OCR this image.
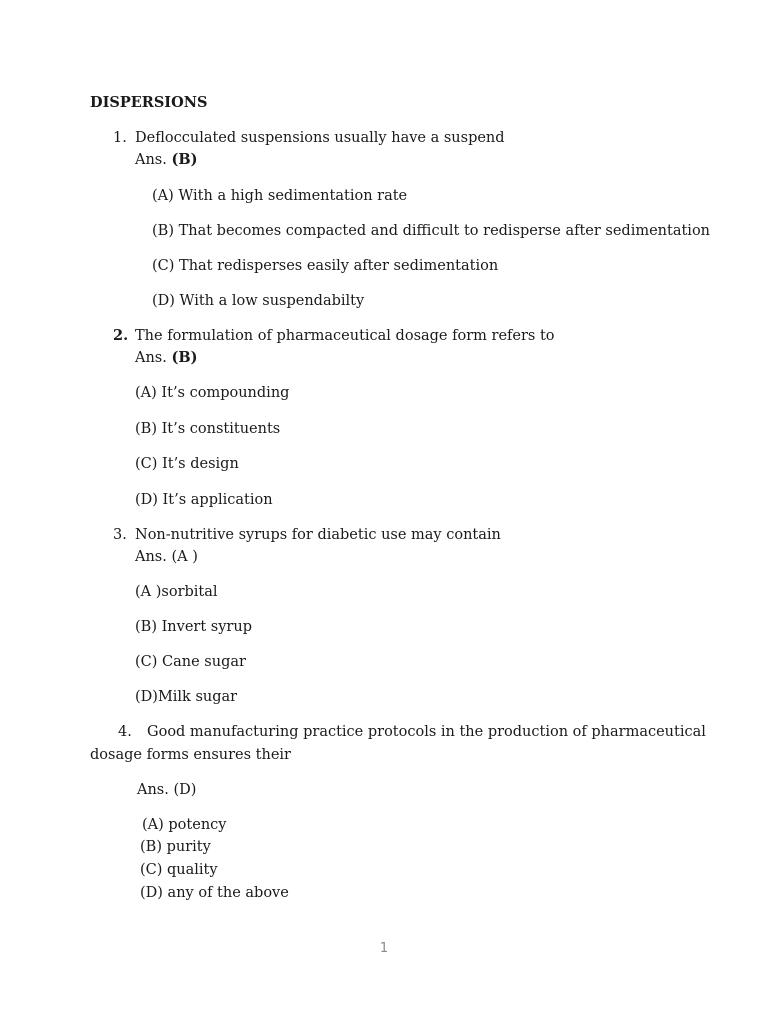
DISPERSIONS
1. Deflocculated suspensions usually have a suspend
Ans. (B)
(A) With a high sedimentation rate
(B) That becomes compacted and difficult to redisperse after sedimentation
(C) That redisperses easily after sedimentation
(D) With a low suspendabilty
2. The formulation of pharmaceutical dosage form refers to
Ans. (B)
(A) It’s compounding
(B) It’s constituents
(C) It’s design
(D) It’s application
3. Non-nutritive syrups for diabetic use may contain
Ans. (A )
(A )sorbital
(B) Invert syrup
(C) Cane sugar
(D)Milk sugar
4. Good manufacturing practice protocols in the production of pharmaceutical
dosage forms ensures their
Ans. (D)
(A) potency
(B) purity
(C) quality
(D) any of the above
1
